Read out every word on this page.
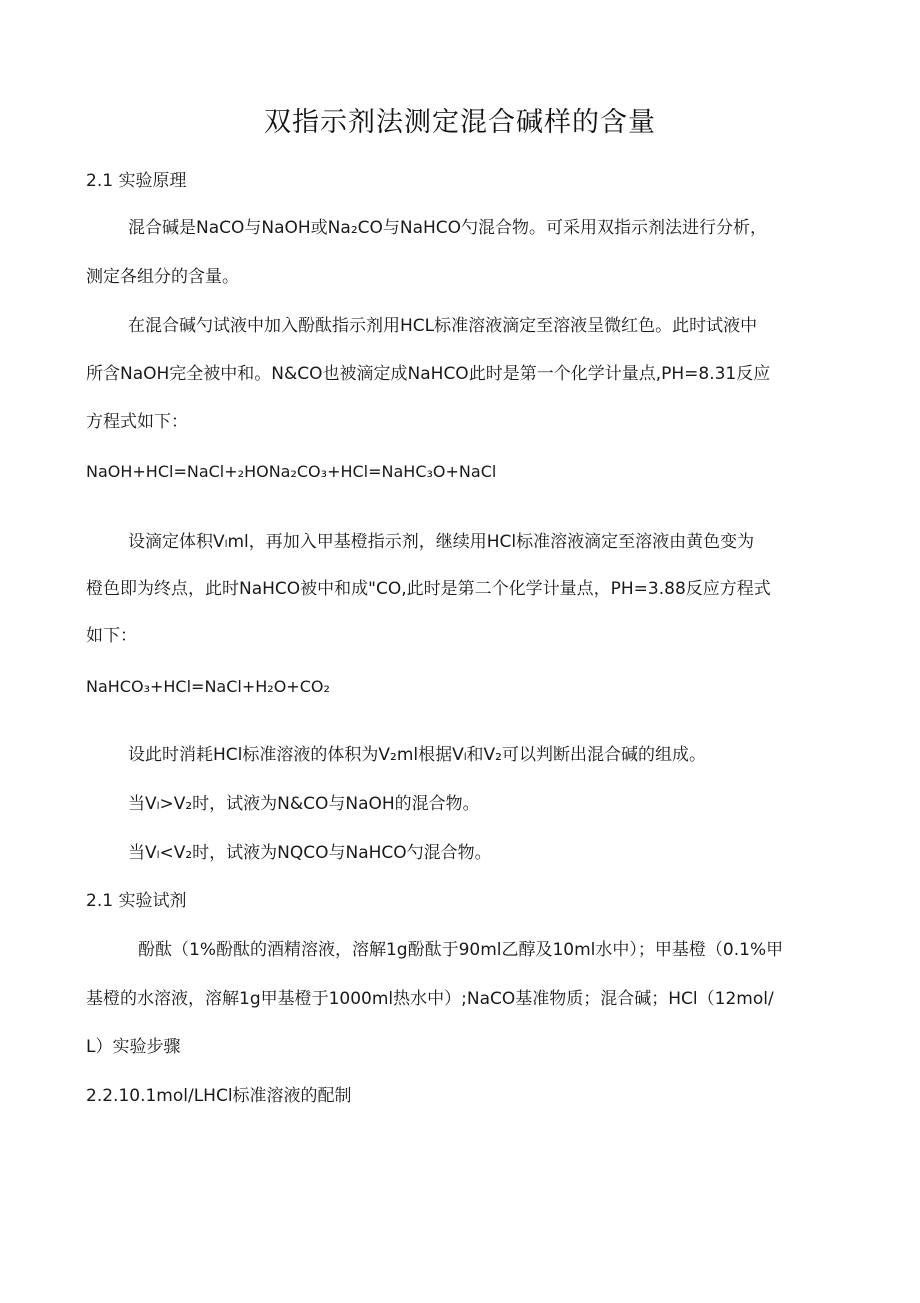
双指示剂法测定混合碱样的含量
2.1 实验原理
混合碱是NaCO与NaOH或Na₂CO与NaHCO勺混合物。可采用双指示剂法进行分析，
测定各组分的含量。
在混合碱勺试液中加入酚酞指示剂用HCL标准溶液滴定至溶液呈微红色。此时试液中
所含NaOH完全被中和。N&CO也被滴定成NaHCO此时是第一个化学计量点,PH=8.31反应
方程式如下：
NaOH+HCl=NaCl+₂HONa₂CO₃+HCl=NaHC₃O+NaCl
设滴定体积Vₗml，再加入甲基橙指示剂，继续用HCl标准溶液滴定至溶液由黄色变为
橙色即为终点，此时NaHCO被中和成"CO,此时是第二个化学计量点，PH=3.88反应方程式
如下：
NaHCO₃+HCl=NaCl+H₂O+CO₂
设此时消耗HCl标准溶液的体积为V₂ml根据Vₗ和V₂可以判断出混合碱的组成。
当Vₗ>V₂时，试液为N&CO与NaOH的混合物。
当Vₗ<V₂时，试液为NQCO与NaHCO勺混合物。
2.1 实验试剂
酚酞（1%酚酞的酒精溶液，溶解1g酚酞于90ml乙醇及10ml水中）；甲基橙（0.1%甲
基橙的水溶液，溶解1g甲基橙于1000ml热水中）;NaCO基准物质；混合碱；HCl（12mol/
L）实验步骤
2.2.10.1mol/LHCl标准溶液的配制
